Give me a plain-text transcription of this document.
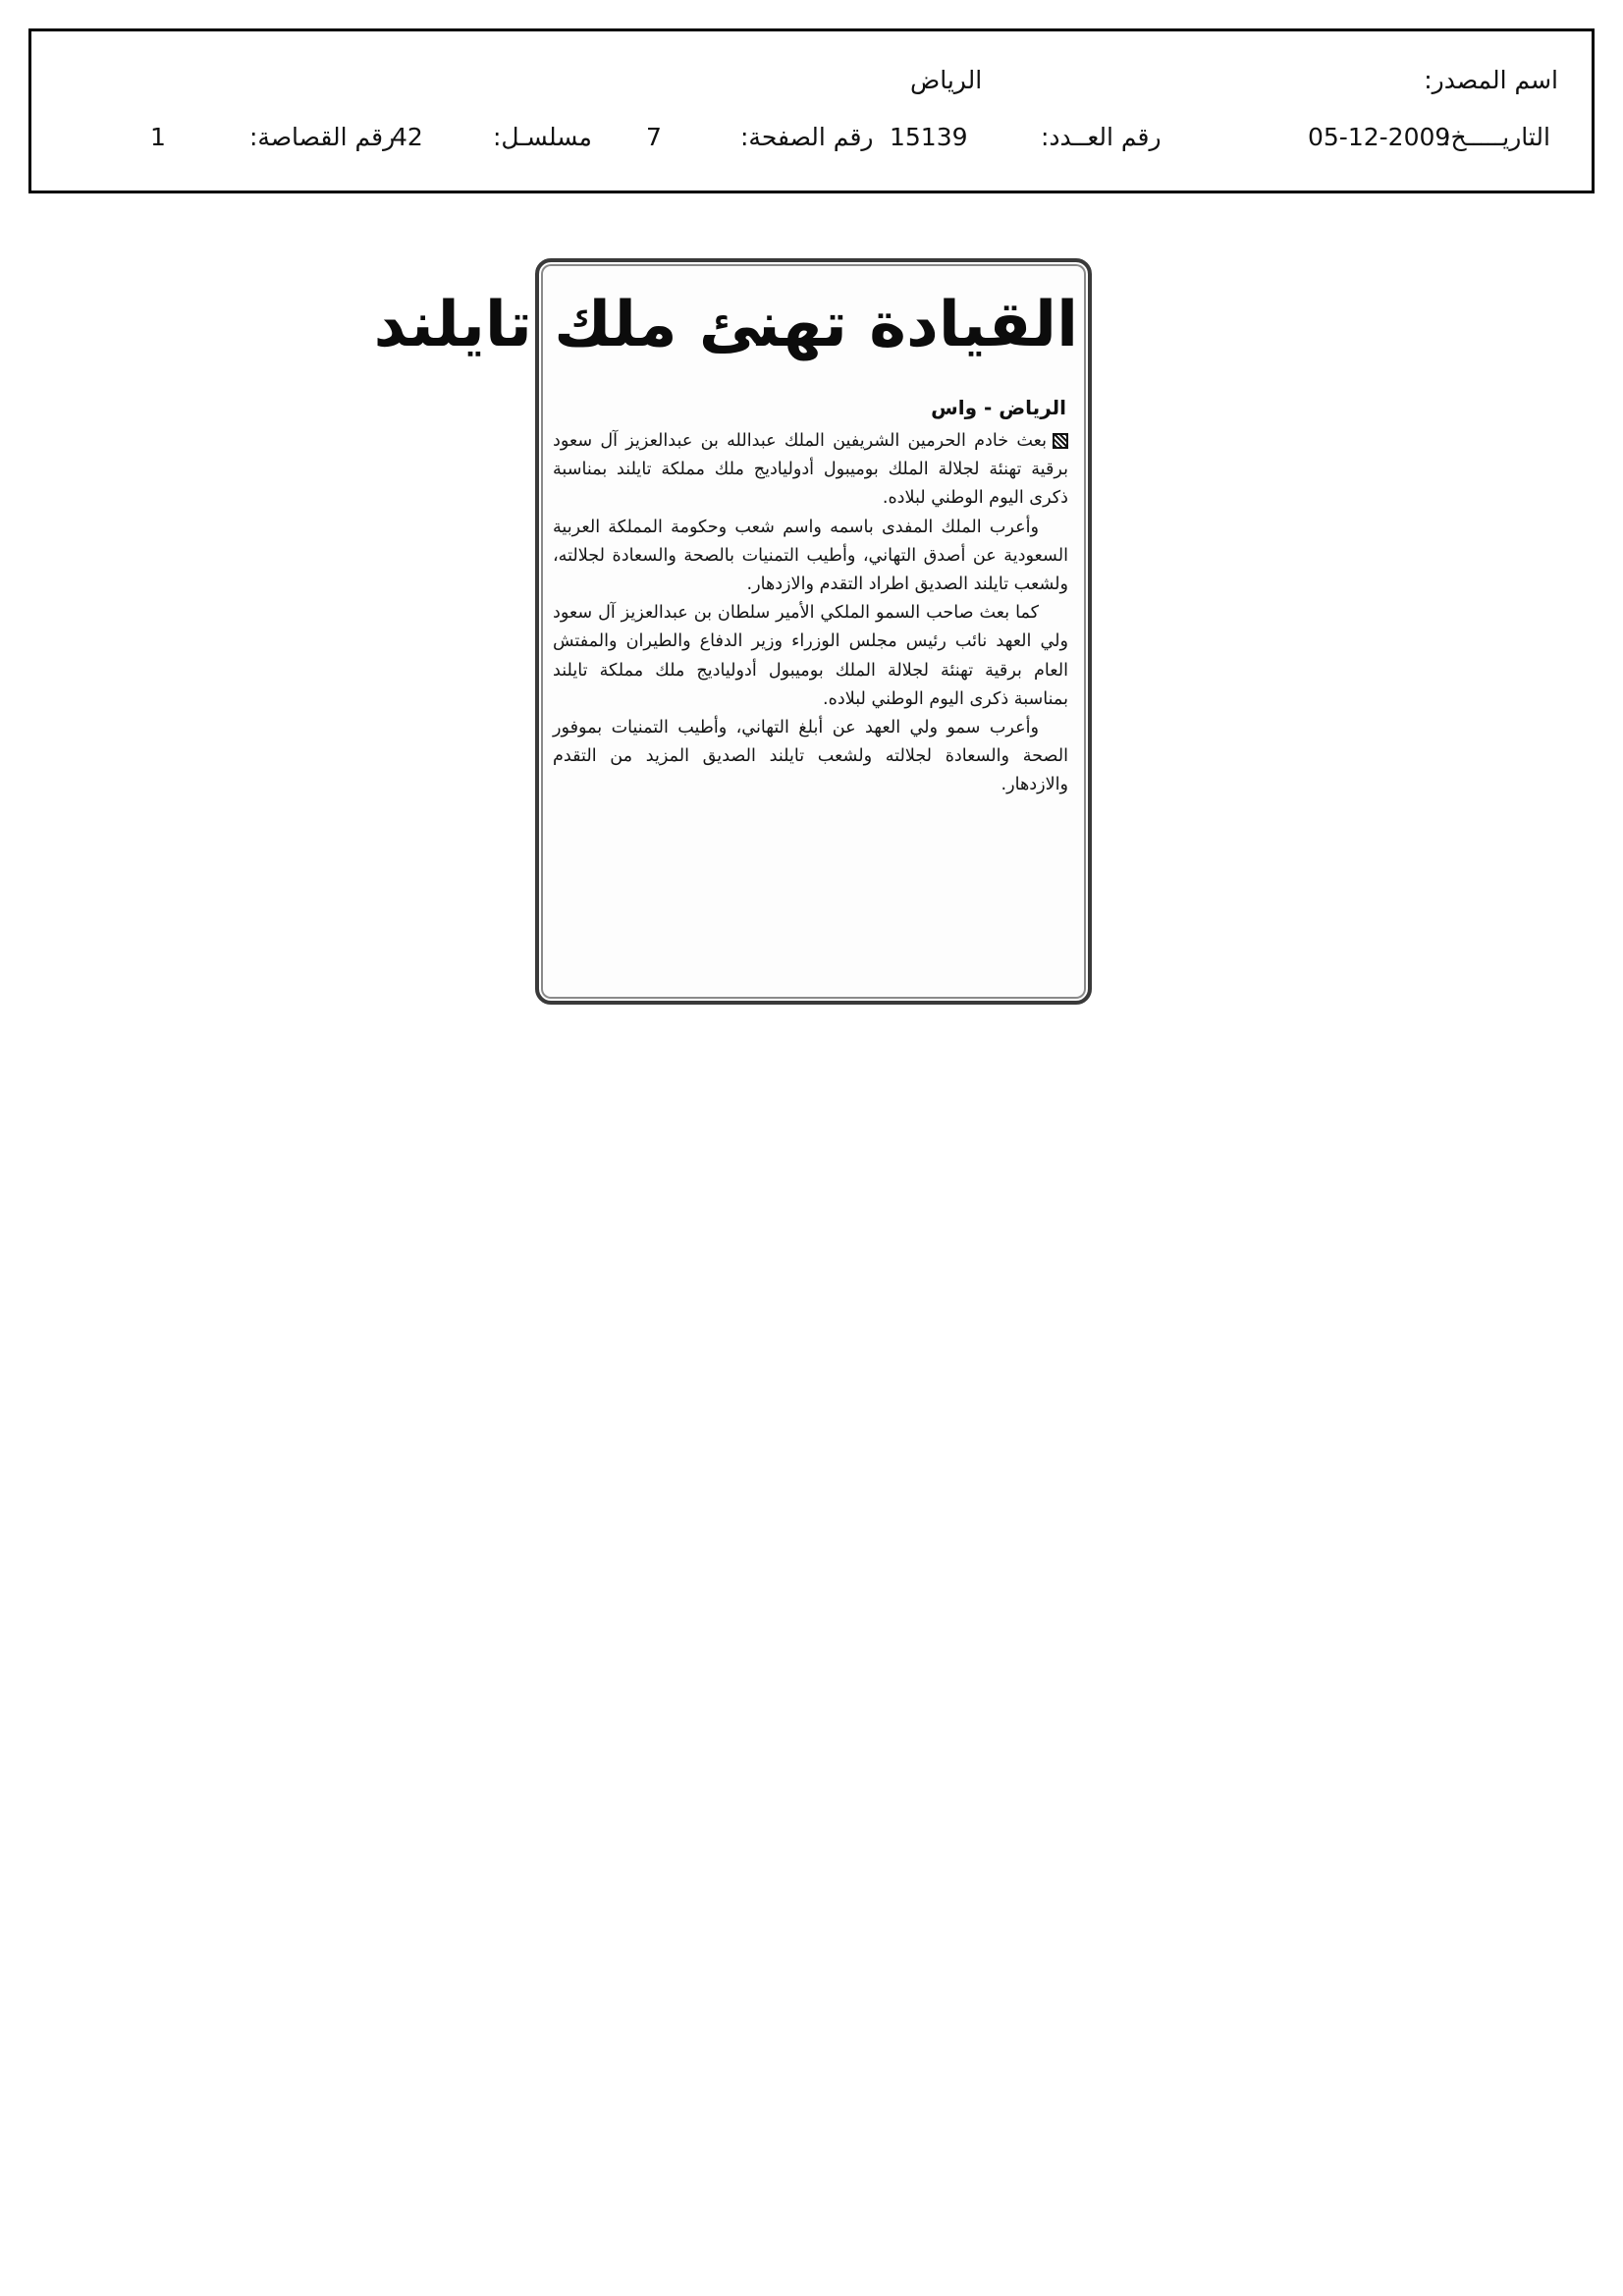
اسم المصدر:
الرياض
التاريـــــخ:
05-12-2009
رقم العــدد:
15139
رقم الصفحة:
7
مسلسـل:
42
رقم القصاصة:
1
القيادة تهنئ ملك تايلند
الرياض - واس

بعث خادم الحرمين الشريفين الملك عبدالله بن عبدالعزيز آل سعود برقية تهنئة لجلالة الملك بوميبول أدولياديج ملك مملكة تايلند بمناسبة ذكرى اليوم الوطني لبلاده.

وأعرب الملك المفدى باسمه واسم شعب وحكومة المملكة العربية السعودية عن أصدق التهاني، وأطيب التمنيات بالصحة والسعادة لجلالته، ولشعب تايلند الصديق اطراد التقدم والازدهار.

كما بعث صاحب السمو الملكي الأمير سلطان بن عبدالعزيز آل سعود ولي العهد نائب رئيس مجلس الوزراء وزير الدفاع والطيران والمفتش العام برقية تهنئة لجلالة الملك بوميبول أدولياديج ملك مملكة تايلند بمناسبة ذكرى اليوم الوطني لبلاده.

وأعرب سمو ولي العهد عن أبلغ التهاني، وأطيب التمنيات بموفور الصحة والسعادة لجلالته ولشعب تايلند الصديق المزيد من التقدم والازدهار.
